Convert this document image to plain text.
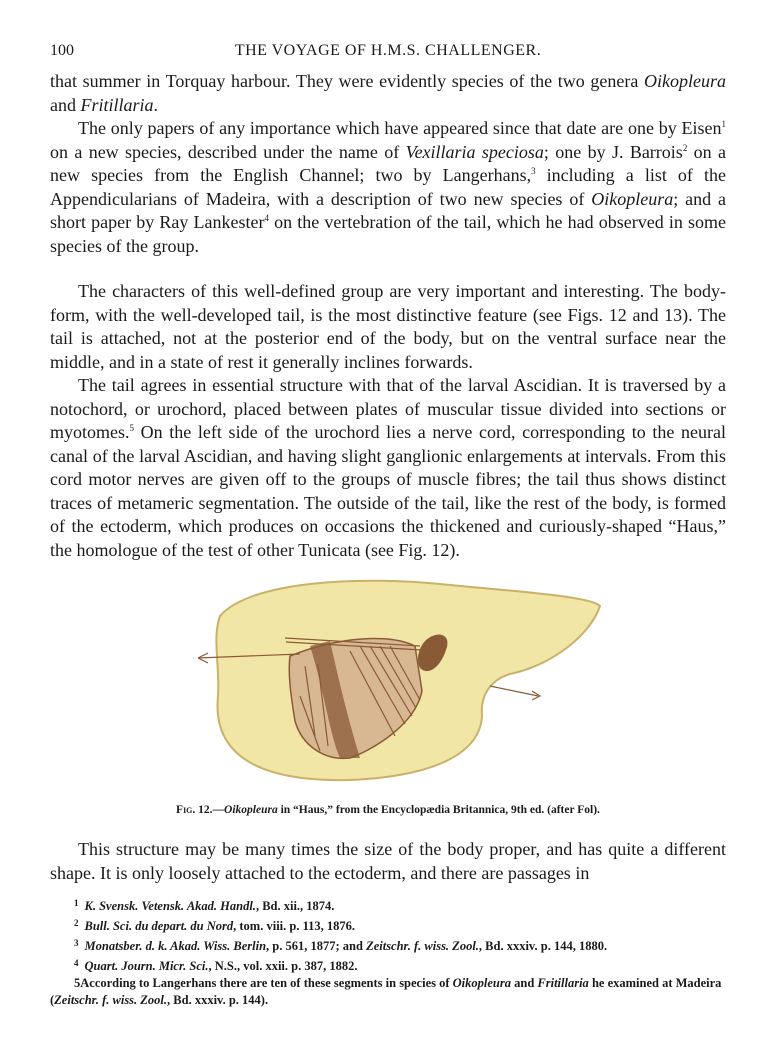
100	THE VOYAGE OF H.M.S. CHALLENGER.

that summer in Torquay harbour. They were evidently species of the two genera Oikopleura and Fritillaria.

The only papers of any importance which have appeared since that date are one by Eisen$^1$ on a new species, described under the name of Vexillaria speciosa; one by J. Barrois$^2$ on a new species from the English Channel; two by Langerhans,$^3$ including a list of the Appendicularians of Madeira, with a description of two new species of Oikopleura; and a short paper by Ray Lankester$^4$ on the vertebration of the tail, which he had observed in some species of the group.

The characters of this well-defined group are very important and interesting. The body-form, with the well-developed tail, is the most distinctive feature (see Figs. 12 and 13). The tail is attached, not at the posterior end of the body, but on the ventral surface near the middle, and in a state of rest it generally inclines forwards.

The tail agrees in essential structure with that of the larval Ascidian. It is traversed by a notochord, or urochord, placed between plates of muscular tissue divided into sections or myotomes.$^5$ On the left side of the urochord lies a nerve cord, corresponding to the neural canal of the larval Ascidian, and having slight ganglionic enlargements at intervals. From this cord motor nerves are given off to the groups of muscle fibres; the tail thus shows distinct traces of metameric segmentation. The outside of the tail, like the rest of the body, is formed of the ectoderm, which produces on occasions the thickened and curiously-shaped “Haus,” the homologue of the test of other Tunicata (see Fig. 12).

Fig. 12.—Oikopleura in “Haus,” from the Encyclopædia Britannica, 9th ed. (after Fol).

This structure may be many times the size of the body proper, and has quite a different shape. It is only loosely attached to the ectoderm, and there are passages in

$^1$ K. Svensk. Vetensk. Akad. Handl., Bd. xii., 1874.
$^2$ Bull. Sci. du depart. du Nord, tom. viii. p. 113, 1876.
$^3$ Monatsber. d. k. Akad. Wiss. Berlin, p. 561, 1877; and Zeitschr. f. wiss. Zool., Bd. xxxiv. p. 144, 1880.
$^4$ Quart. Journ. Micr. Sci., N.S., vol. xxii. p. 387, 1882.
5According to Langerhans there are ten of these segments in species of Oikopleura and Fritillaria he examined at Madeira (Zeitschr. f. wiss. Zool., Bd. xxxiv. p. 144).
